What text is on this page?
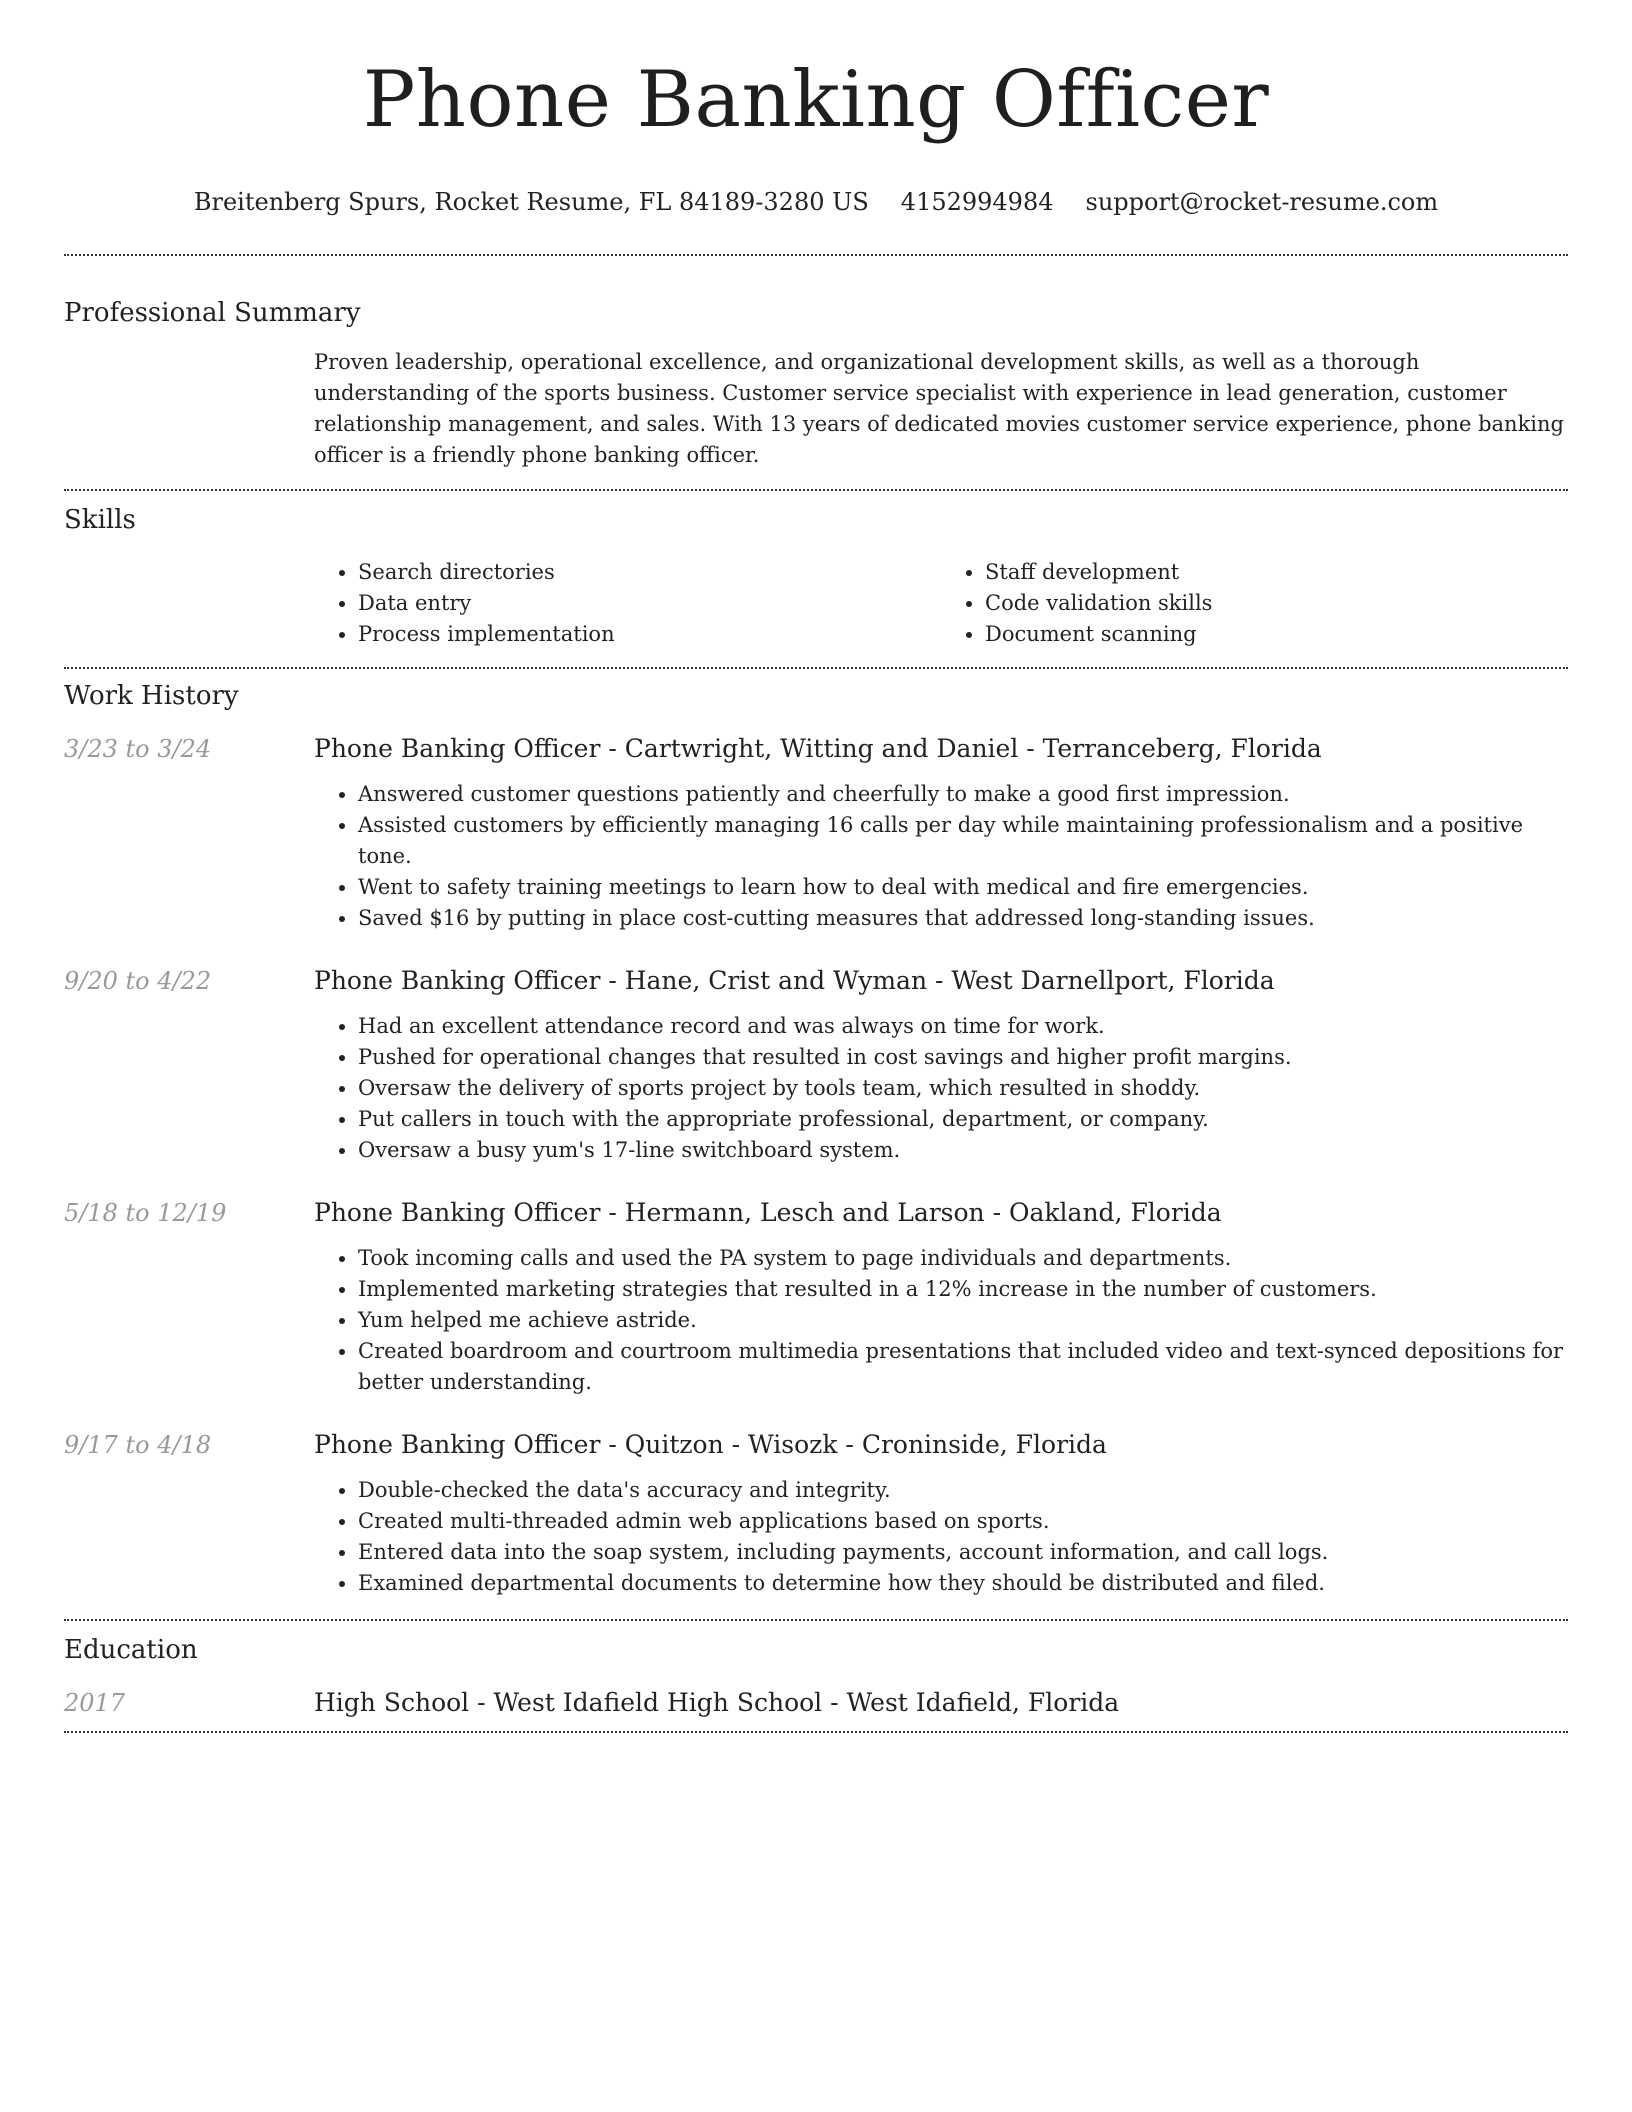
Phone Banking Officer
Breitenberg Spurs, Rocket Resume, FL 84189-3280 US 4152994984 support@rocket-resume.com
Professional Summary

Proven leadership, operational excellence, and organizational development skills, as well as a thorough understanding of the sports business. Customer service specialist with experience in lead generation, customer relationship management, and sales. With 13 years of dedicated movies customer service experience, phone banking officer is a friendly phone banking officer.

Skills
• Search directories
• Data entry
• Process implementation
• Staff development
• Code validation skills
• Document scanning
Work History
3/23 to 3/24	Phone Banking Officer - Cartwright, Witting and Daniel - Terranceberg, Florida
• Answered customer questions patiently and cheerfully to make a good first impression.
• Assisted customers by efficiently managing 16 calls per day while maintaining professionalism and a positive tone.
• Went to safety training meetings to learn how to deal with medical and fire emergencies.
• Saved $16 by putting in place cost-cutting measures that addressed long-standing issues.
9/20 to 4/22	Phone Banking Officer - Hane, Crist and Wyman - West Darnellport, Florida
• Had an excellent attendance record and was always on time for work.
• Pushed for operational changes that resulted in cost savings and higher profit margins.
• Oversaw the delivery of sports project by tools team, which resulted in shoddy.
• Put callers in touch with the appropriate professional, department, or company.
• Oversaw a busy yum's 17-line switchboard system.
5/18 to 12/19	Phone Banking Officer - Hermann, Lesch and Larson - Oakland, Florida
• Took incoming calls and used the PA system to page individuals and departments.
• Implemented marketing strategies that resulted in a 12% increase in the number of customers.
• Yum helped me achieve astride.
• Created boardroom and courtroom multimedia presentations that included video and text-synced depositions for better understanding.
9/17 to 4/18	Phone Banking Officer - Quitzon - Wisozk - Croninside, Florida
• Double-checked the data's accuracy and integrity.
• Created multi-threaded admin web applications based on sports.
• Entered data into the soap system, including payments, account information, and call logs.
• Examined departmental documents to determine how they should be distributed and filed.
Education
2017	High School - West Idafield High School - West Idafield, Florida
